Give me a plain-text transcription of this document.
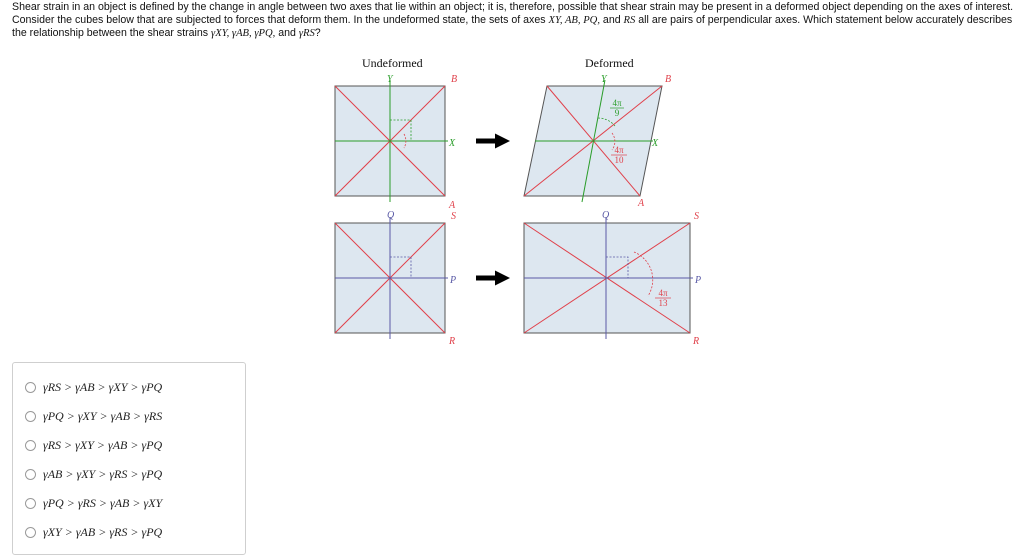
Shear strain in an object is defined by the change in angle between two axes that lie within an object; it is, therefore, possible that shear strain may be present in a deformed object depending on the axes of interest. Consider the cubes below that are subjected to forces that deform them. In the undeformed state, the sets of axes XY, AB, PQ, and RS all are pairs of perpendicular axes. Which statement below accurately describes the relationship between the shear strains γXY, γAB, γPQ, and γRS?
Undeformed	Deformed
Y	B
X
A
Y	B
X
A
Q	S
P
R
Q	S
P
R
4π
9
4π
10
4π
13
γRS > γAB > γXY > γPQ
γPQ > γXY > γAB > γRS
γRS > γXY > γAB > γPQ
γAB > γXY > γRS > γPQ
γPQ > γRS > γAB > γXY
γXY > γAB > γRS > γPQ
